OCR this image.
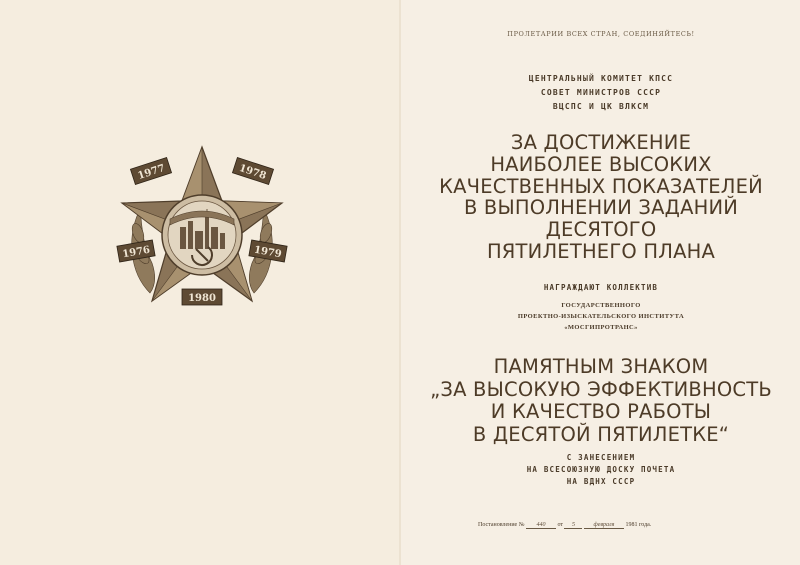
1977	1978
1976	1979
1980
ПРОЛЕТАРИИ ВСЕХ СТРАН, СОЕДИНЯЙТЕСЬ!
ЦЕНТРАЛЬНЫЙ КОМИТЕТ КПСС
СОВЕТ МИНИСТРОВ СССР
ВЦСПС И ЦК ВЛКСМ
ЗА ДОСТИЖЕНИЕ
НАИБОЛЕЕ ВЫСОКИХ
КАЧЕСТВЕННЫХ ПОКАЗАТЕЛЕЙ
В ВЫПОЛНЕНИИ ЗАДАНИЙ
ДЕСЯТОГО
ПЯТИЛЕТНЕГО ПЛАНА
НАГРАЖДАЮТ КОЛЛЕКТИВ
ГОСУДАРСТВЕННОГО
ПРОЕКТНО-ИЗЫСКАТЕЛЬСКОГО ИНСТИТУТА
«МОСГИПРОТРАНС»
ПАМЯТНЫМ ЗНАКОМ
„ЗА ВЫСОКУЮ ЭФФЕКТИВНОСТЬ
И КАЧЕСТВО РАБОТЫ
В ДЕСЯТОЙ ПЯТИЛЕТКЕ“
С ЗАНЕСЕНИЕМ
НА ВСЕСОЮЗНУЮ ДОСКУ ПОЧЕТА
НА ВДНХ СССР
Постановление № 440 от 5	февраля 1981 года.
